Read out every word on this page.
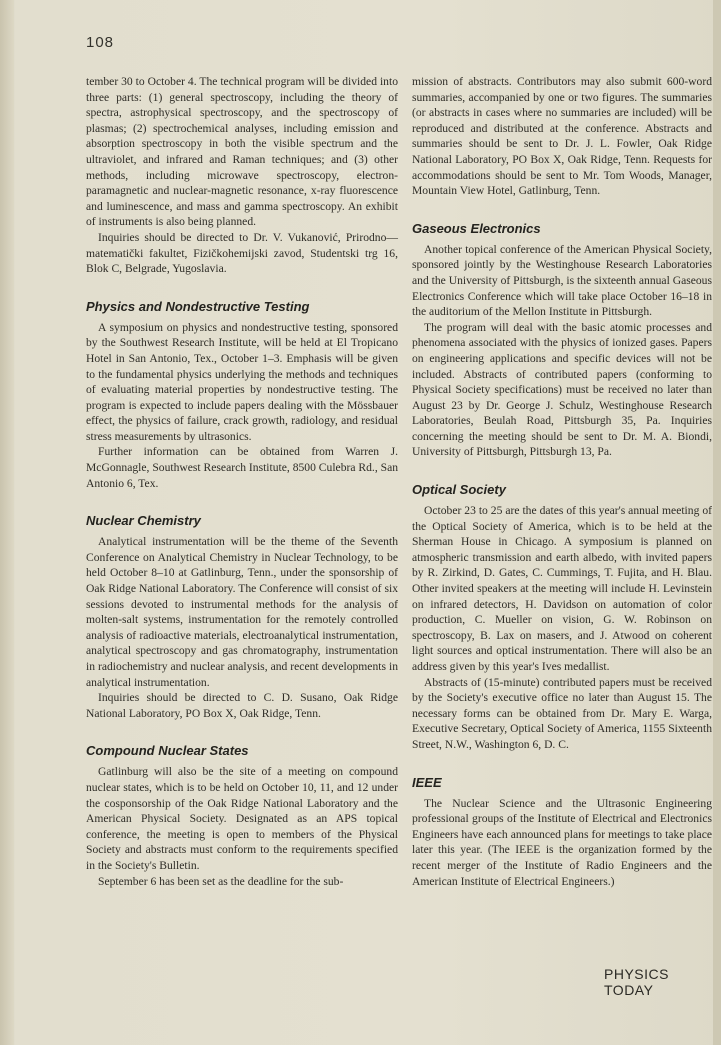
108

tember 30 to October 4. The technical program will be divided into three parts: (1) general spectroscopy, including the theory of spectra, astrophysical spectroscopy, and the spectroscopy of plasmas; (2) spectrochemical analyses, including emission and absorption spectroscopy in both the visible spectrum and the ultraviolet, and infrared and Raman techniques; and (3) other methods, including microwave spectroscopy, electron-paramagnetic and nuclear-magnetic resonance, x-ray fluorescence and luminescence, and mass and gamma spectroscopy. An exhibit of instruments is also being planned.

Inquiries should be directed to Dr. V. Vukanović, Prirodno—matematički fakultet, Fizičkohemijski zavod, Studentski trg 16, Blok C, Belgrade, Yugoslavia.

Physics and Nondestructive Testing

A symposium on physics and nondestructive testing, sponsored by the Southwest Research Institute, will be held at El Tropicano Hotel in San Antonio, Tex., October 1–3. Emphasis will be given to the fundamental physics underlying the methods and techniques of evaluating material properties by nondestructive testing. The program is expected to include papers dealing with the Mössbauer effect, the physics of failure, crack growth, radiology, and residual stress measurements by ultrasonics.

Further information can be obtained from Warren J. McGonnagle, Southwest Research Institute, 8500 Culebra Rd., San Antonio 6, Tex.

Nuclear Chemistry

Analytical instrumentation will be the theme of the Seventh Conference on Analytical Chemistry in Nuclear Technology, to be held October 8–10 at Gatlinburg, Tenn., under the sponsorship of Oak Ridge National Laboratory. The Conference will consist of six sessions devoted to instrumental methods for the analysis of molten-salt systems, instrumentation for the remotely controlled analysis of radioactive materials, electroanalytical instrumentation, analytical spectroscopy and gas chromatography, instrumentation in radiochemistry and nuclear analysis, and recent developments in analytical instrumentation.

Inquiries should be directed to C. D. Susano, Oak Ridge National Laboratory, PO Box X, Oak Ridge, Tenn.

Compound Nuclear States

Gatlinburg will also be the site of a meeting on compound nuclear states, which is to be held on October 10, 11, and 12 under the cosponsorship of the Oak Ridge National Laboratory and the American Physical Society. Designated as an APS topical conference, the meeting is open to members of the Physical Society and abstracts must conform to the requirements specified in the Society's Bulletin.

September 6 has been set as the deadline for the sub-

mission of abstracts. Contributors may also submit 600-word summaries, accompanied by one or two figures. The summaries (or abstracts in cases where no summaries are included) will be reproduced and distributed at the conference. Abstracts and summaries should be sent to Dr. J. L. Fowler, Oak Ridge National Laboratory, PO Box X, Oak Ridge, Tenn. Requests for accommodations should be sent to Mr. Tom Woods, Manager, Mountain View Hotel, Gatlinburg, Tenn.

Gaseous Electronics

Another topical conference of the American Physical Society, sponsored jointly by the Westinghouse Research Laboratories and the University of Pittsburgh, is the sixteenth annual Gaseous Electronics Conference which will take place October 16–18 in the auditorium of the Mellon Institute in Pittsburgh.

The program will deal with the basic atomic processes and phenomena associated with the physics of ionized gases. Papers on engineering applications and specific devices will not be included. Abstracts of contributed papers (conforming to Physical Society specifications) must be received no later than August 23 by Dr. George J. Schulz, Westinghouse Research Laboratories, Beulah Road, Pittsburgh 35, Pa. Inquiries concerning the meeting should be sent to Dr. M. A. Biondi, University of Pittsburgh, Pittsburgh 13, Pa.

Optical Society

October 23 to 25 are the dates of this year's annual meeting of the Optical Society of America, which is to be held at the Sherman House in Chicago. A symposium is planned on atmospheric transmission and earth albedo, with invited papers by R. Zirkind, D. Gates, C. Cummings, T. Fujita, and H. Blau. Other invited speakers at the meeting will include H. Levinstein on infrared detectors, H. Davidson on automation of color production, C. Mueller on vision, G. W. Robinson on spectroscopy, B. Lax on masers, and J. Atwood on coherent light sources and optical instrumentation. There will also be an address given by this year's Ives medallist.

Abstracts of (15-minute) contributed papers must be received by the Society's executive office no later than August 15. The necessary forms can be obtained from Dr. Mary E. Warga, Executive Secretary, Optical Society of America, 1155 Sixteenth Street, N.W., Washington 6, D. C.

IEEE

The Nuclear Science and the Ultrasonic Engineering professional groups of the Institute of Electrical and Electronics Engineers have each announced plans for meetings to take place later this year. (The IEEE is the organization formed by the recent merger of the Institute of Radio Engineers and the American Institute of Electrical Engineers.)

PHYSICS TODAY
